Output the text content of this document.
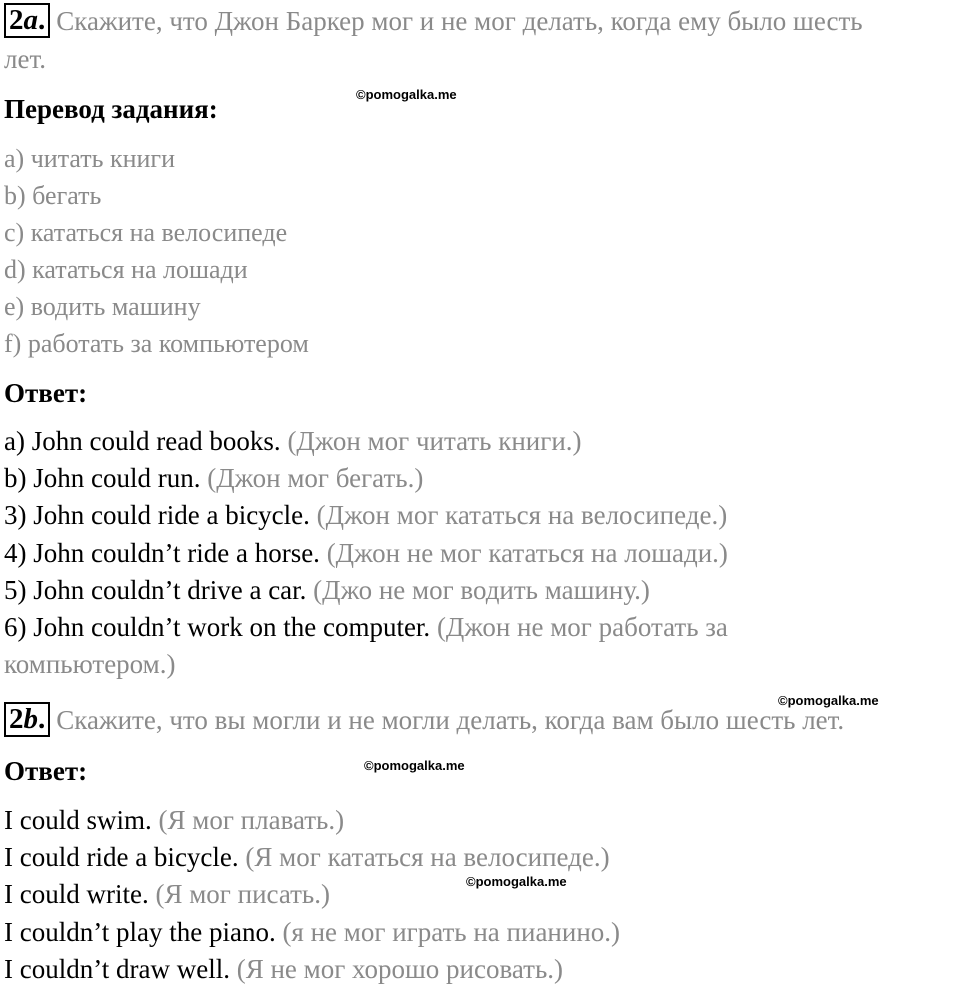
2a. Скажите, что Джон Баркер мог и не мог делать, когда ему было шесть
лет.
©pomogalka.me
Перевод задания:
a) читать книги
b) бегать
c) кататься на велосипеде
d) кататься на лошади
e) водить машину
f) работать за компьютером
Ответ:
a) John could read books. (Джон мог читать книги.)
b) John could run. (Джон мог бегать.)
3) John could ride a bicycle. (Джон мог кататься на велосипеде.)
4) John couldn’t ride a horse. (Джон не мог кататься на лошади.)
5) John couldn’t drive a car. (Джо не мог водить машину.)
6) John couldn’t work on the computer. (Джон не мог работать за компьютером.)
©pomogalka.me
2b. Скажите, что вы могли и не могли делать, когда вам было шесть лет.
Ответ:	©pomogalka.me
I could swim. (Я мог плавать.)
I could ride a bicycle. (Я мог кататься на велосипеде.)
I could write. (Я мог писать.)
I couldn’t play the piano. (я не мог играть на пианино.)
I couldn’t draw well. (Я не мог хорошо рисовать.)
©pomogalka.me
